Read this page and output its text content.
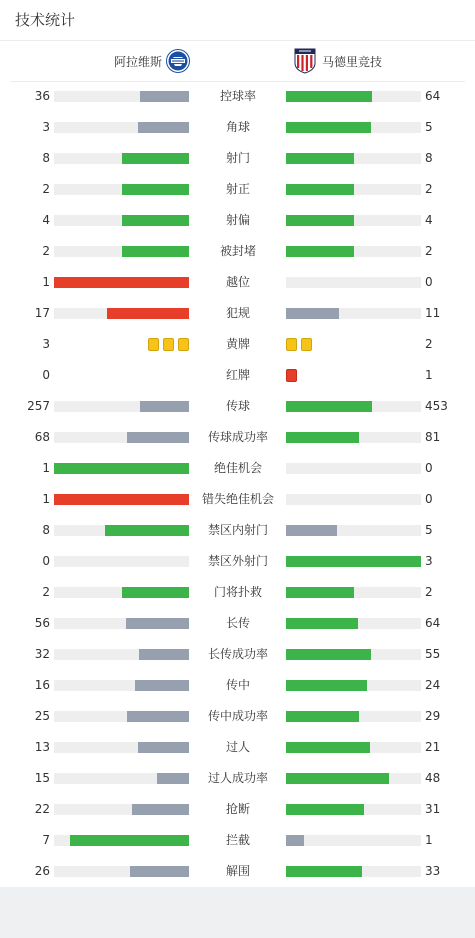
技术统计
阿拉维斯	马德里竞技
36	控球率	64
3	角球	5
8	射门	8
2	射正	2
4	射偏	4
2	被封堵	2
1	越位	0
17	犯规	11
3	黄牌	2
0	红牌	1
257	传球	453
68	传球成功率	81
1	绝佳机会	0
1	错失绝佳机会	0
8	禁区内射门	5
0	禁区外射门	3
2	门将扑救	2
56	长传	64
32	长传成功率	55
16	传中	24
25	传中成功率	29
13	过人	21
15	过人成功率	48
22	抢断	31
7	拦截	1
26	解围	33
